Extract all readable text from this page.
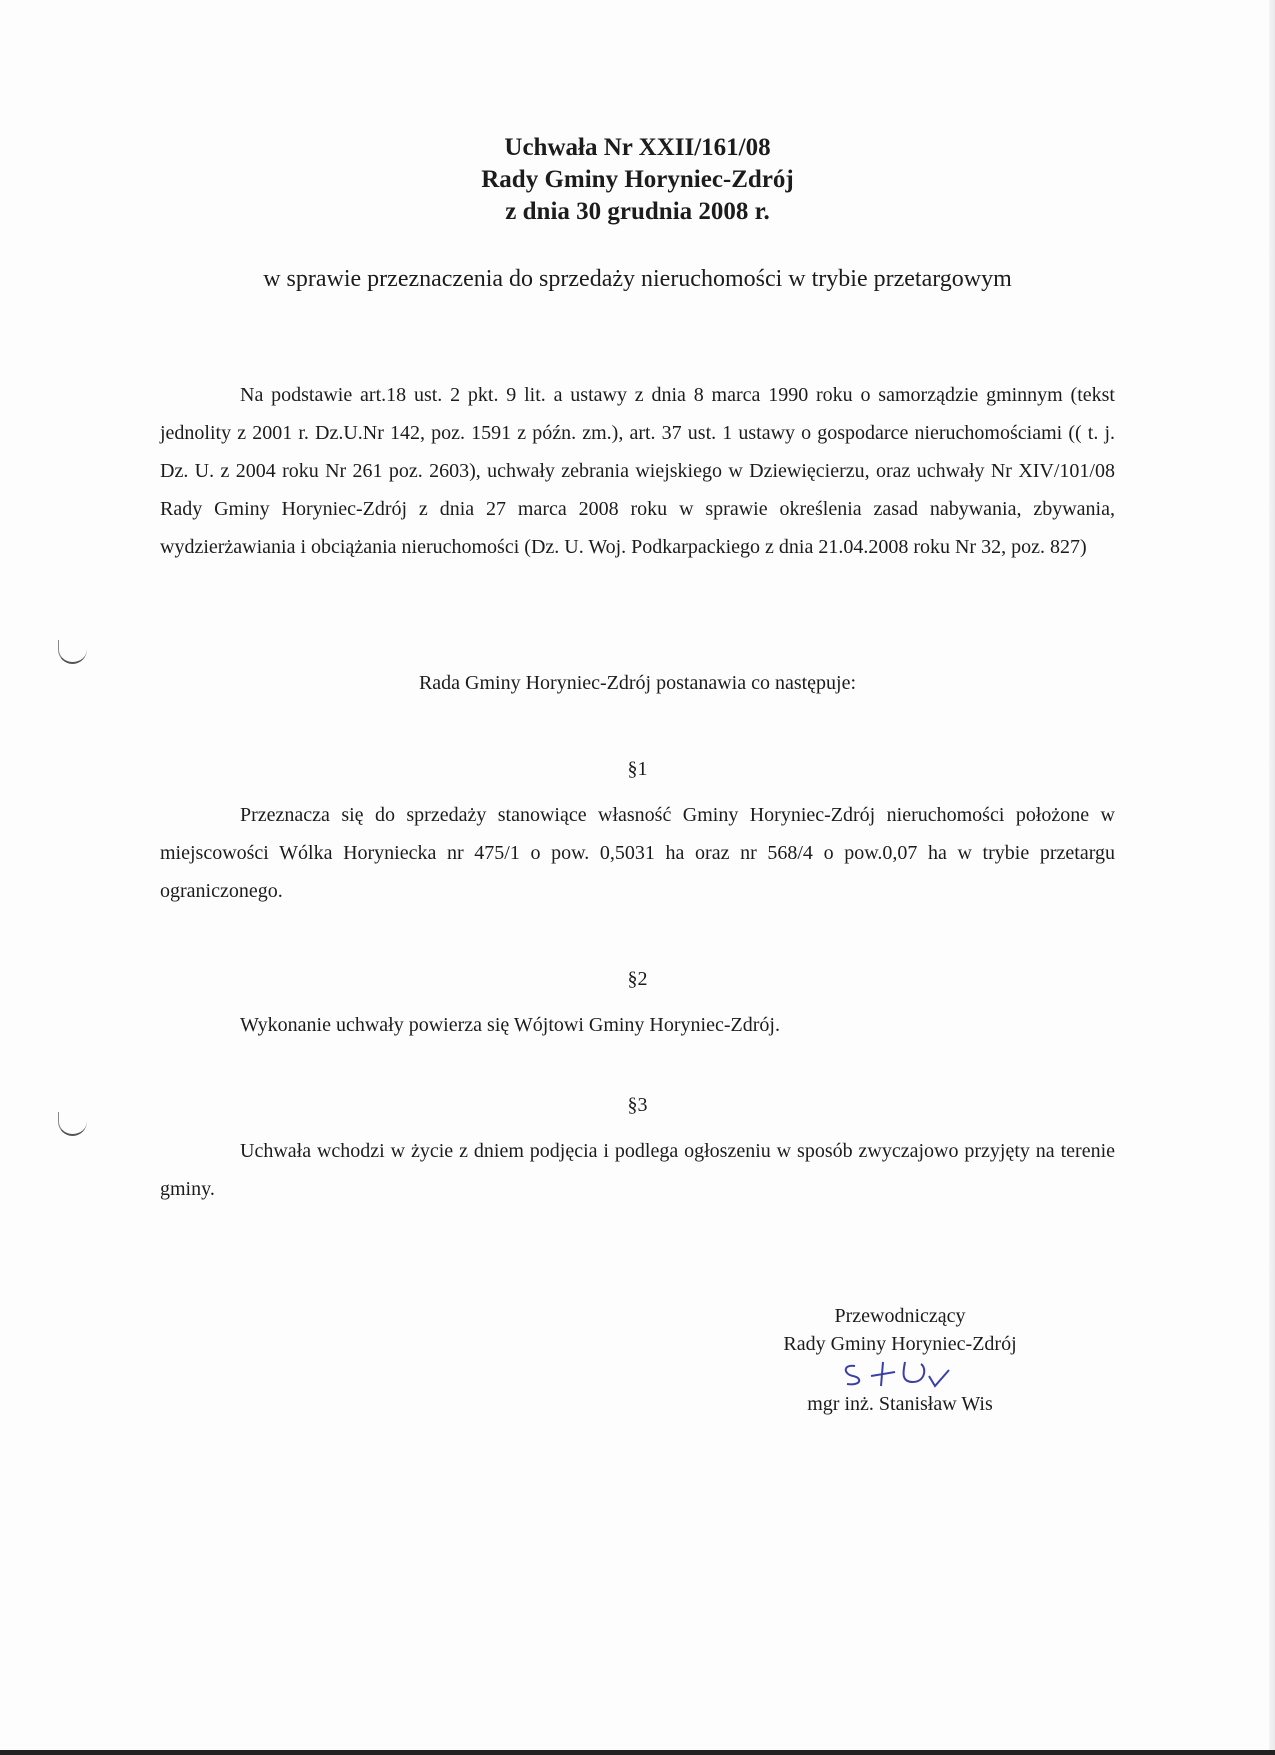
Uchwała Nr XXII/161/08
Rady Gminy Horyniec-Zdrój
z dnia 30 grudnia 2008 r.
w sprawie przeznaczenia do sprzedaży nieruchomości w trybie przetargowym
Na podstawie art.18 ust. 2 pkt. 9 lit. a ustawy z dnia 8 marca 1990 roku o samorządzie gminnym (tekst jednolity z 2001 r. Dz.U.Nr 142, poz. 1591 z późn. zm.), art. 37 ust. 1 ustawy o gospodarce nieruchomościami (( t. j. Dz. U. z 2004 roku Nr 261 poz. 2603), uchwały zebrania wiejskiego w Dziewięcierzu, oraz uchwały Nr XIV/101/08 Rady Gminy Horyniec-Zdrój z dnia 27 marca 2008 roku w sprawie określenia zasad nabywania, zbywania, wydzierżawiania i obciążania nieruchomości (Dz. U. Woj. Podkarpackiego z dnia 21.04.2008 roku Nr 32, poz. 827)
Rada Gminy Horyniec-Zdrój postanawia co następuje:
§1
Przeznacza się do sprzedaży stanowiące własność Gminy Horyniec-Zdrój nieruchomości położone w miejscowości Wólka Horyniecka nr 475/1 o pow. 0,5031 ha oraz nr 568/4 o pow.0,07 ha w trybie przetargu ograniczonego.
§2
Wykonanie uchwały powierza się Wójtowi Gminy Horyniec-Zdrój.
§3
Uchwała wchodzi w życie z dniem podjęcia i podlega ogłoszeniu w sposób zwyczajowo przyjęty na terenie gminy.
Przewodniczący
Rady Gminy Horyniec-Zdrój
mgr inż. Stanisław Wis
